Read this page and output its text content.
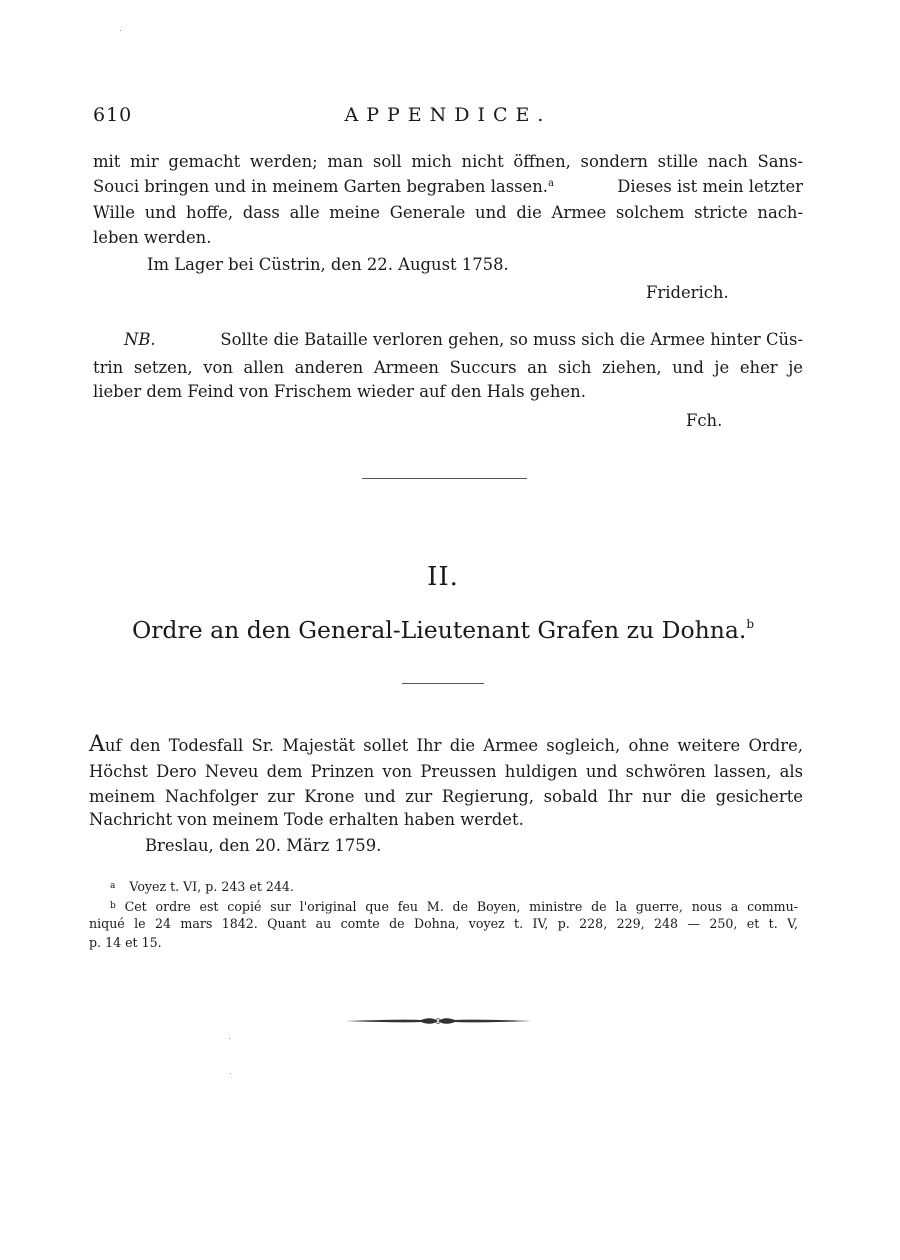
610	APPENDICE.
mit mir gemacht werden; man soll mich nicht öffnen, sondern stille nach Sans-
Souci bringen und in meinem Garten begraben lassen.$^a$	Dieses ist mein letzter
Wille und hoffe, dass alle meine Generale und die Armee solchem stricte nach-
leben werden.
Im Lager bei Cüstrin, den 22. August 1758.
Friderich.
NB.	Sollte die Bataille verloren gehen, so muss sich die Armee hinter Cüs-
trin setzen, von allen anderen Armeen Succurs an sich ziehen, und je eher je
lieber dem Feind von Frischem wieder auf den Hals gehen.
Fch.
II.
Ordre an den General-Lieutenant Grafen zu Dohna.$^b$
Auf den Todesfall Sr. Majestät sollet Ihr die Armee sogleich, ohne weitere Ordre,
Höchst Dero Neveu dem Prinzen von Preussen huldigen und schwören lassen, als
meinem Nachfolger zur Krone und zur Regierung, sobald Ihr nur die gesicherte
Nachricht von meinem Tode erhalten haben werdet.
Breslau, den 20. März 1759.
$^a$ Voyez t. VI, p. 243 et 244.
$^b$ Cet ordre est copié sur l'original que feu M. de Boyen, ministre de la guerre, nous a commu-
niqué le 24 mars 1842. Quant au comte de Dohna, voyez t. IV, p. 228, 229, 248 — 250, et t. V,
p. 14 et 15.
